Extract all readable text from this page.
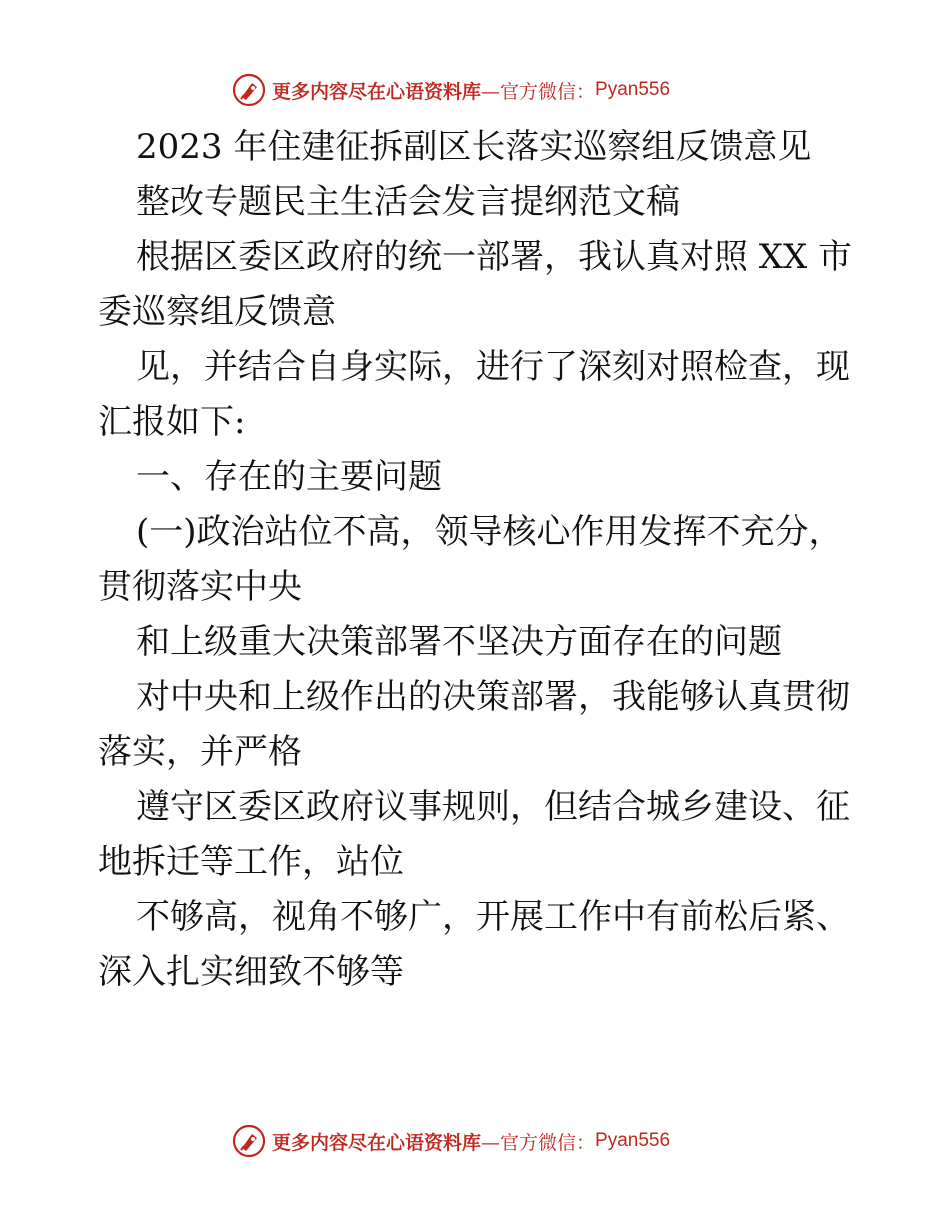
更多内容尽在心语资料库 —官方微信： Pyan556
2023 年住建征拆副区长落实巡察组反馈意见
整改专题民主生活会发言提纲范文稿
根据区委区政府的统一部署，我认真对照 XX 市
委巡察组反馈意
见，并结合自身实际，进行了深刻对照检查，现
汇报如下:
一、存在的主要问题
(一)政治站位不高，领导核心作用发挥不充分，
贯彻落实中央
和上级重大决策部署不坚决方面存在的问题
对中央和上级作出的决策部署，我能够认真贯彻
落实，并严格
遵守区委区政府议事规则，但结合城乡建设、征
地拆迁等工作，站位
不够高，视角不够广，开展工作中有前松后紧、
深入扎实细致不够等
更多内容尽在心语资料库 —官方微信： Pyan556
